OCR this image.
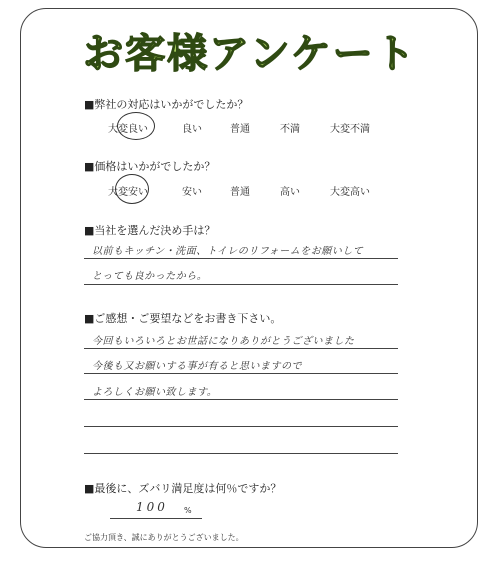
お客様アンケート
■弊社の対応はいかがでしたか？
大変良い	良い	普通	不満	大変不満
■価格はいかがでしたか？
大変安い	安い	普通	高い	大変高い
■当社を選んだ決め手は？
以前もキッチン・洗面、トイレのリフォームをお願いして
とっても良かったから。
■ご感想・ご要望などをお書き下さい。
今回もいろいろとお世話になりありがとうございました
今後も又お願いする事が有ると思いますので
よろしくお願い致します。
■最後に、ズバリ満足度は何％ですか？
100 %
ご協力頂き、誠にありがとうございました。
